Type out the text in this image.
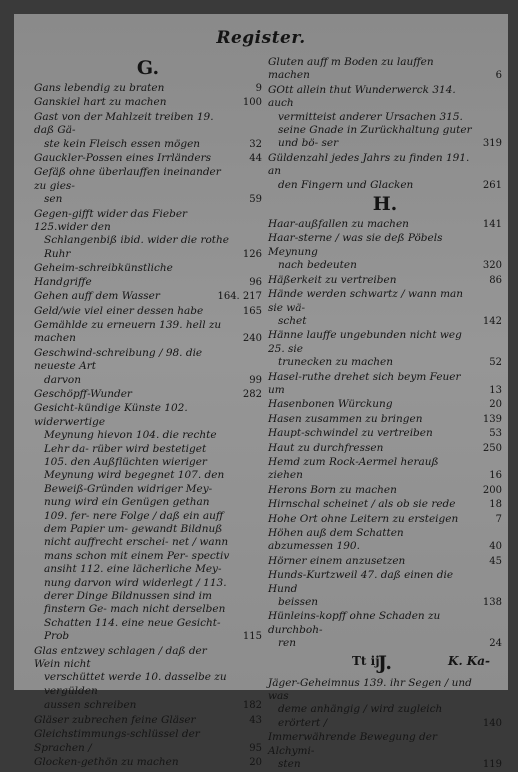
Register.
G.
Gans lebendig zu braten	9
Ganskiel hart zu machen	100
Gast von der Mahlzeit treiben 19. daß Gä-
ste kein Fleisch essen mögen	32
Gauckler-Possen eines Irrländers	44
Gefäß ohne überlauffen ineinander zu gies-
sen	59
Gegen-gifft wider das Fieber 125.wider den
Schlangenbiß ibid. wider die rothe Ruhr	126
Geheim-schreibkünstliche Handgriffe	96
Gehen auff dem Wasser	164. 217
Geld/wie viel einer dessen habe	165
Gemählde zu erneuern 139. hell zu machen	240
Geschwind-schreibung / 98. die neueste Art
darvon	99
Geschöpff-Wunder	282
Gesicht-kündige Künste 102. widerwertige
Meynung hievon 104. die rechte Lehr da- rüber wird bestetiget 105. den Außflüchten wieriger Meynung wird begegnet 107. den Beweiß-Gründen widriger Mey- nung wird ein Genügen gethan 109. fer- nere Folge / daß ein auff dem Papier um- gewandt Bildnuß nicht auffrecht erschei- net / wann mans schon mit einem Per- spectiv ansiht 112. eine lächerliche Mey- nung darvon wird widerlegt / 113. derer Dinge Bildnussen sind im finstern Ge- mach nicht derselben Schatten 114. eine neue Gesicht-Prob	115
Glas entzwey schlagen / daß der Wein nicht
verschüttet werde 10. dasselbe zu vergülden
aussen schreiben	182
Gläser zubrechen feine Gläser	43
Gleichstimmungs-schlüssel der Sprachen /	95
Glocken-gethön zu machen	20
Gluten auff m Boden zu lauffen machen	6
GOtt allein thut Wunderwerck 314. auch
vermitteist anderer Ursachen 315. seine Gnade in Zurückhaltung guter und bö- ser	319
Güldenzahl jedes Jahrs zu finden 191. an
den Fingern und Glacken	261
H.
Haar-außfallen zu machen	141
Haar-sterne / was sie deß Pöbels Meynung
nach bedeuten	320
Häßerkeit zu vertreiben	86
Hände werden schwartz / wann man sie wä-
schet	142
Hänne lauffe ungebunden nicht weg 25. sie
trunecken zu machen	52
Hasel-ruthe drehet sich beym Feuer um	13
Hasenbonen Würckung	20
Hasen zusammen zu bringen	139
Haupt-schwindel zu vertreiben	53
Haut zu durchfressen	250
Hemd zum Rock-Aermel herauß ziehen	16
Herons Born zu machen	200
Hirnschal scheinet / als ob sie rede	18
Hohe Ort ohne Leitern zu ersteigen	7
Höhen auß dem Schatten abzumessen 190.	40
Hörner einem anzusetzen	45
Hunds-Kurtzweil 47. daß einen die Hund
beissen	138
Hünleins-kopff ohne Schaden zu durchboh-
ren	24
J.
Jäger-Geheimnus 139. ihr Segen / und was
deme anhängig / wird zugleich erörtert /	140
Immerwährende Bewegung der Alchymi-
sten	119
Tt ij	K. Ka-
